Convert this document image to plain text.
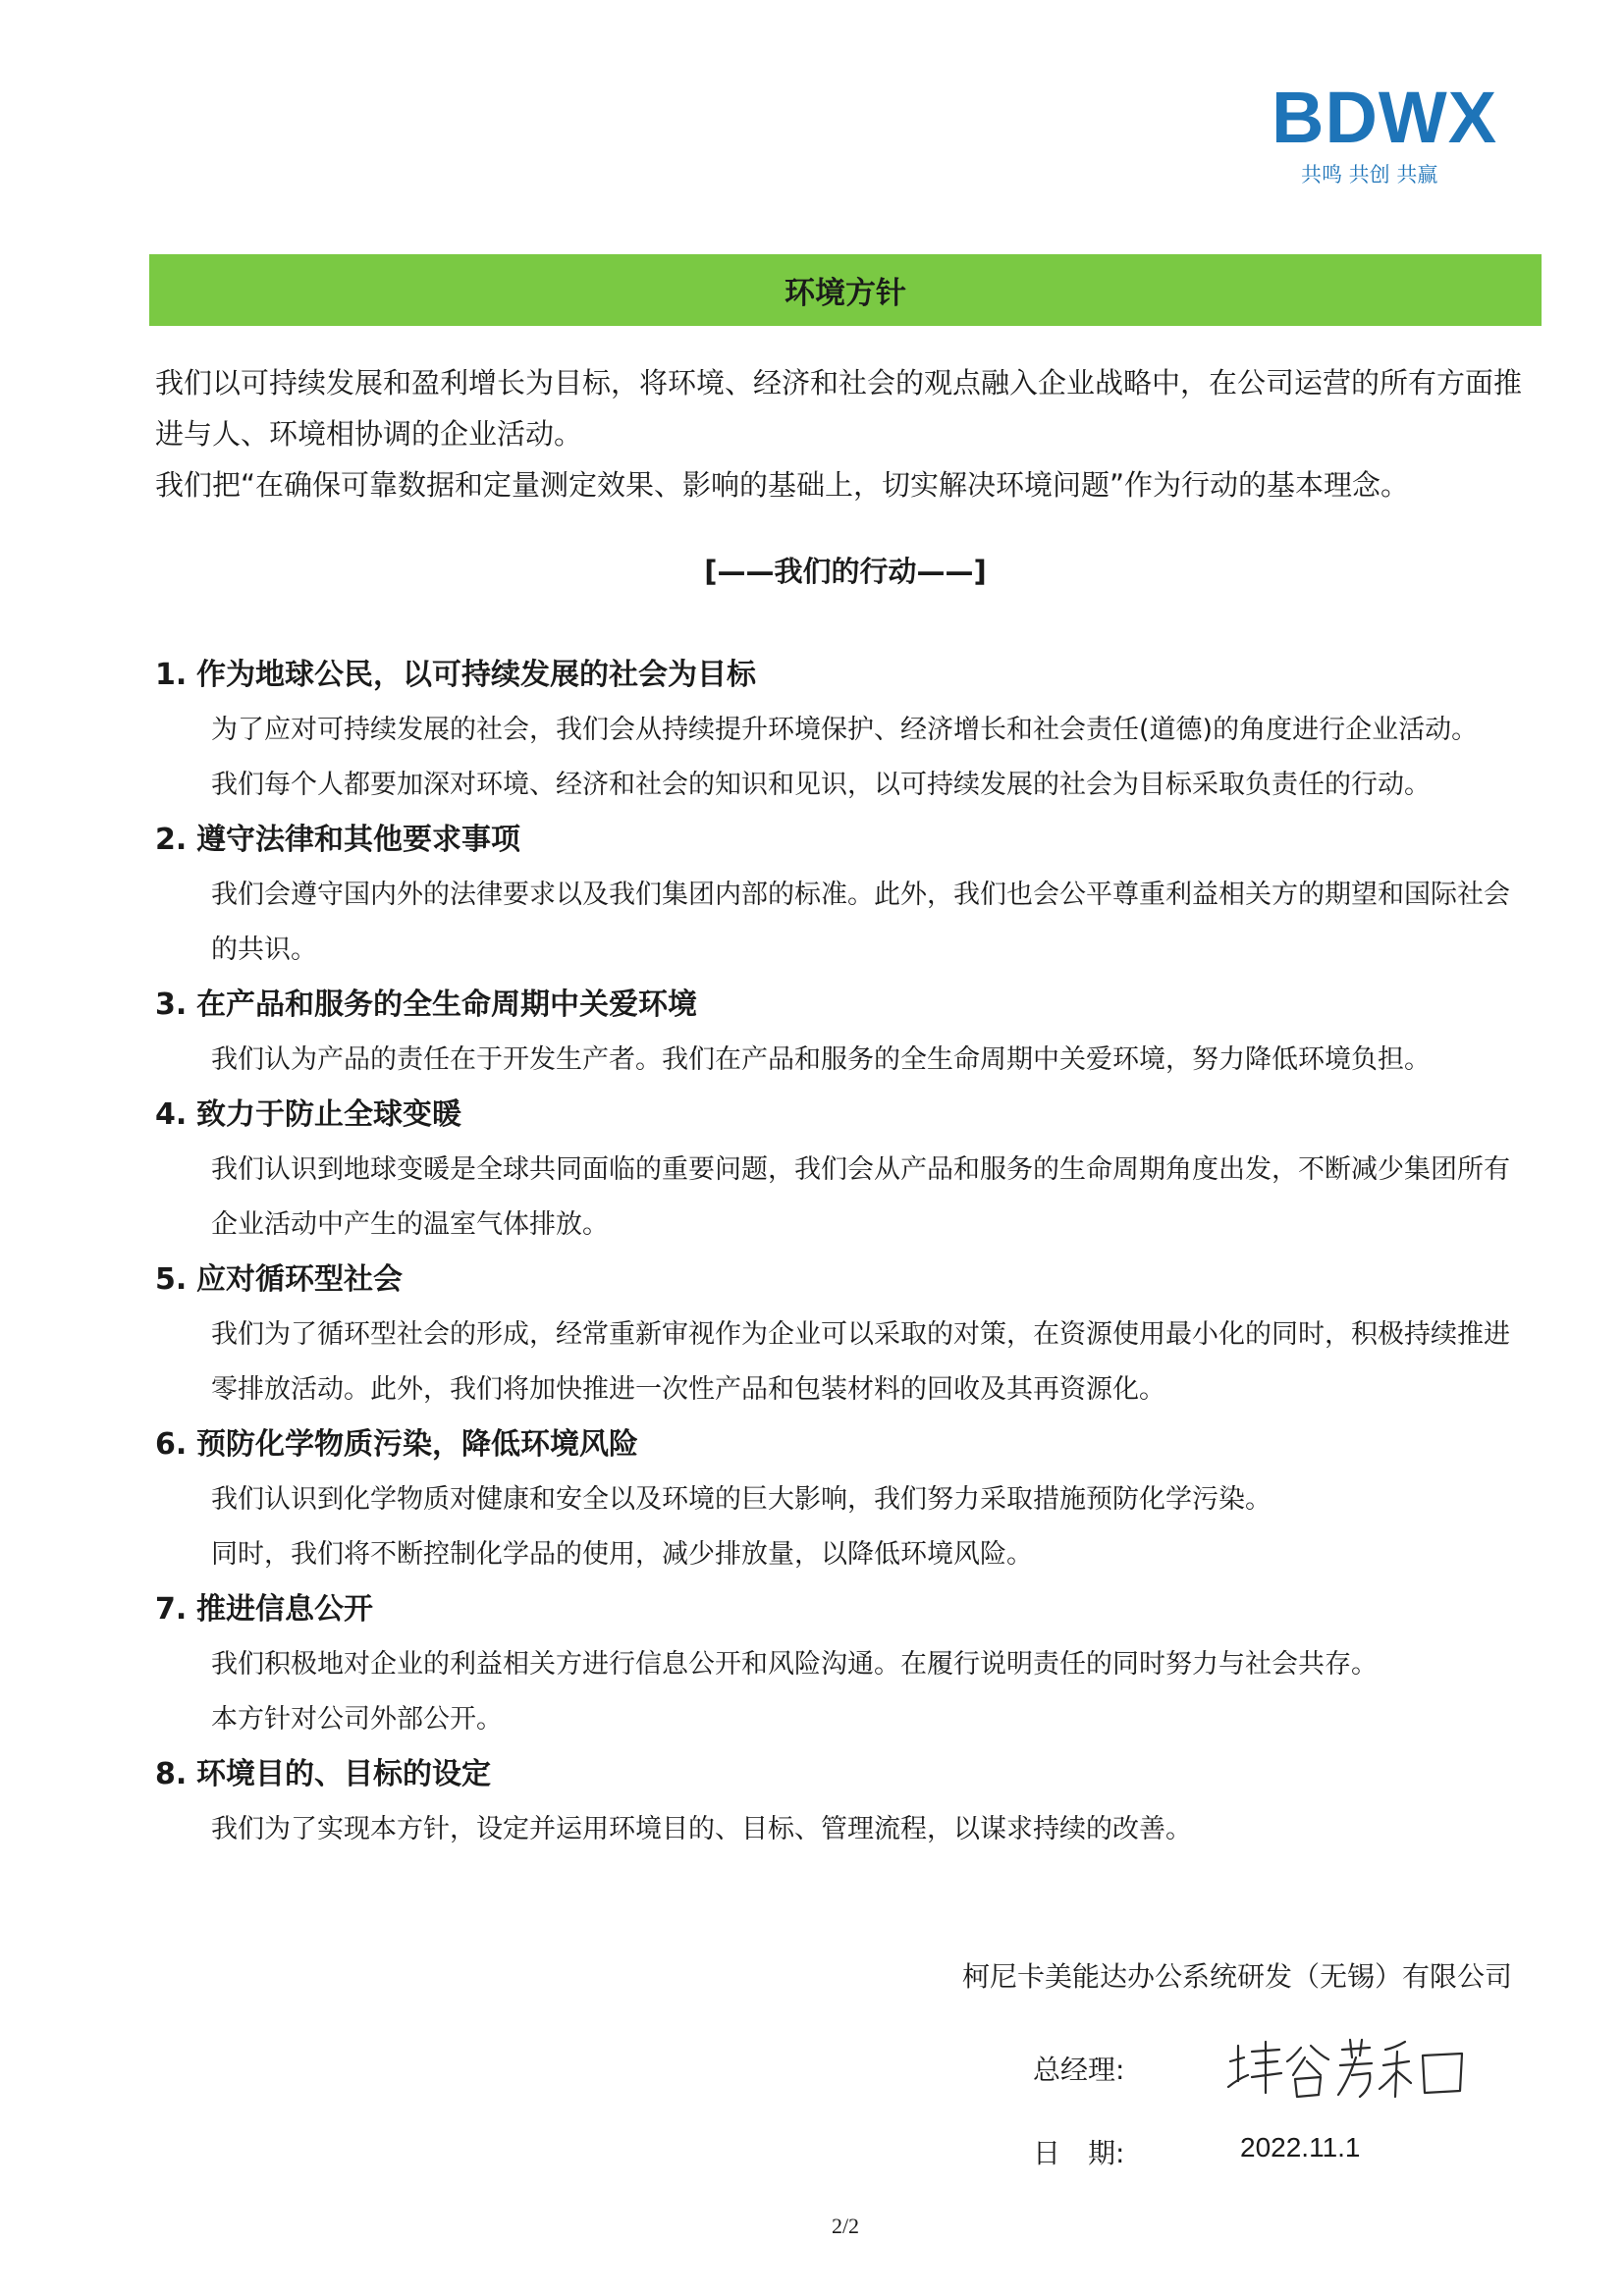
BDWX
共鸣 共创 共赢
环境方针

我们以可持续发展和盈利增长为目标，将环境、经济和社会的观点融入企业战略中，在公司运营的所有方面推进与人、环境相协调的企业活动。

我们把“在确保可靠数据和定量测定效果、影响的基础上，切实解决环境问题”作为行动的基本理念。

[——我们的行动——]
1. 作为地球公民，以可持续发展的社会为目标

为了应对可持续发展的社会，我们会从持续提升环境保护、经济增长和社会责任(道德)的角度进行企业活动。

我们每个人都要加深对环境、经济和社会的知识和见识，以可持续发展的社会为目标采取负责任的行动。

2. 遵守法律和其他要求事项

我们会遵守国内外的法律要求以及我们集团内部的标准。此外，我们也会公平尊重利益相关方的期望和国际社会的共识。

3. 在产品和服务的全生命周期中关爱环境

我们认为产品的责任在于开发生产者。我们在产品和服务的全生命周期中关爱环境，努力降低环境负担。

4. 致力于防止全球变暖

我们认识到地球变暖是全球共同面临的重要问题，我们会从产品和服务的生命周期角度出发，不断减少集团所有企业活动中产生的温室气体排放。

5. 应对循环型社会

我们为了循环型社会的形成，经常重新审视作为企业可以采取的对策，在资源使用最小化的同时，积极持续推进零排放活动。此外，我们将加快推进一次性产品和包装材料的回收及其再资源化。

6. 预防化学物质污染，降低环境风险

我们认识到化学物质对健康和安全以及环境的巨大影响，我们努力采取措施预防化学污染。

同时，我们将不断控制化学品的使用，减少排放量，以降低环境风险。

7. 推进信息公开

我们积极地对企业的利益相关方进行信息公开和风险沟通。在履行说明责任的同时努力与社会共存。

本方针对公司外部公开。

8. 环境目的、目标的设定

我们为了实现本方针，设定并运用环境目的、目标、管理流程，以谋求持续的改善。

柯尼卡美能达办公系统研发（无锡）有限公司
总经理:
日　期:	2022.11.1
2/2
